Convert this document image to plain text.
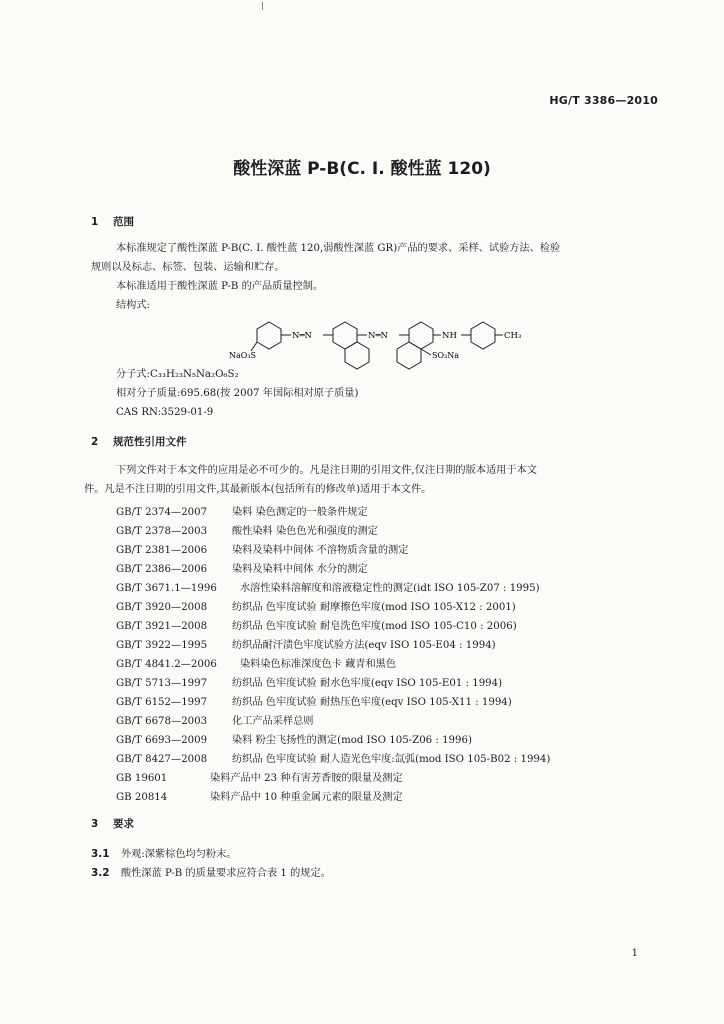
HG/T 3386—2010
酸性深蓝 P-B(C. I. 酸性蓝 120)
1 范围
本标准规定了酸性深蓝 P-B(C. I. 酸性蓝 120,弱酸性深蓝 GR)产品的要求、采样、试验方法、检验
规则以及标志、标签、包装、运输和贮存。
本标准适用于酸性深蓝 P-B 的产品质量控制。
结构式:
N═N	N═N	NH	CH₃
NaO₃S	SO₃Na
分子式:C₃₃H₂₃N₅Na₂O₆S₂
相对分子质量:695.68(按 2007 年国际相对原子质量)
CAS RN:3529-01-9
2 规范性引用文件
下列文件对于本文件的应用是必不可少的。凡是注日期的引用文件,仅注日期的版本适用于本文
件。凡是不注日期的引用文件,其最新版本(包括所有的修改单)适用于本文件。
GB/T 2374—2007 染料 染色测定的一般条件规定
GB/T 2378—2003 酸性染料 染色色光和强度的测定
GB/T 2381—2006 染料及染料中间体 不溶物质含量的测定
GB/T 2386—2006 染料及染料中间体 水分的测定
GB/T 3671.1—1996 水溶性染料溶解度和溶液稳定性的测定(idt ISO 105-Z07 : 1995)
GB/T 3920—2008 纺织品 色牢度试验 耐摩擦色牢度(mod ISO 105-X12 : 2001)
GB/T 3921—2008 纺织品 色牢度试验 耐皂洗色牢度(mod ISO 105-C10 : 2006)
GB/T 3922—1995 纺织品耐汗渍色牢度试验方法(eqv ISO 105-E04 : 1994)
GB/T 4841.2—2006 染料染色标准深度色卡 藏青和黑色
GB/T 5713—1997 纺织品 色牢度试验 耐水色牢度(eqv ISO 105-E01 : 1994)
GB/T 6152—1997 纺织品 色牢度试验 耐热压色牢度(eqv ISO 105-X11 : 1994)
GB/T 6678—2003 化工产品采样总则
GB/T 6693—2009 染料 粉尘飞扬性的测定(mod ISO 105-Z06 : 1996)
GB/T 8427—2008 纺织品 色牢度试验 耐人造光色牢度:氙弧(mod ISO 105-B02 : 1994)
GB 19601	染料产品中 23 种有害芳香胺的限量及测定
GB 20814	染料产品中 10 种重金属元素的限量及测定
3 要求
3.1 外观:深紫棕色均匀粉末。
3.2 酸性深蓝 P-B 的质量要求应符合表 1 的规定。
1
